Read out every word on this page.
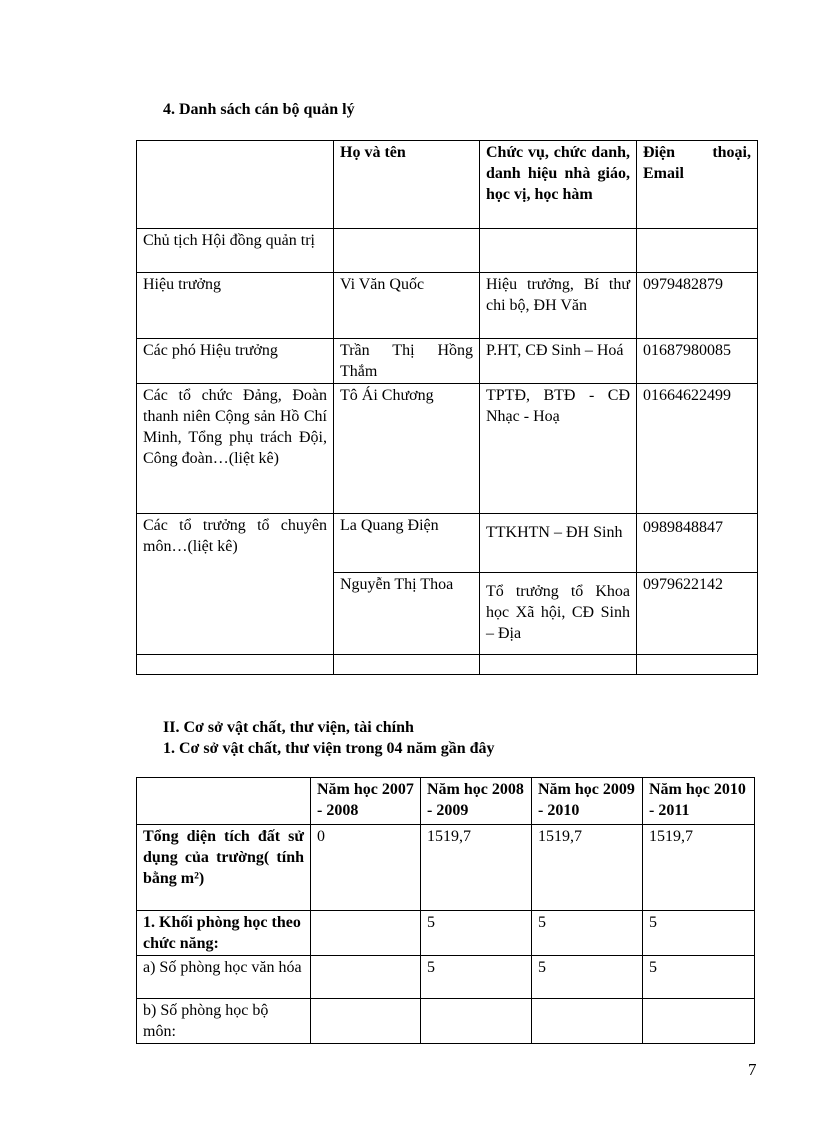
4. Danh sách cán bộ quản lý
	Họ và tên	Chức vụ, chức danh, danh hiệu nhà giáo, học vị, học hàm	Điện thoại, Email
Chủ tịch Hội đồng quản trị			
Hiệu trưởng	Vi Văn Quốc	Hiệu trưởng, Bí thư chi bộ, ĐH Văn	0979482879
Các phó Hiệu trưởng	Trần Thị Hồng Thắm	P.HT, CĐ Sinh – Hoá	01687980085
Các tổ chức Đảng, Đoàn thanh niên Cộng sản Hồ Chí Minh, Tổng phụ trách Đội, Công đoàn…(liệt kê)	Tô Ái Chương	TPTĐ, BTĐ - CĐ Nhạc - Hoạ	01664622499
Các tổ trưởng tổ chuyên môn…(liệt kê)	La Quang Điện	TTKHTN – ĐH Sinh	0989848847
	Nguyễn Thị Thoa	Tổ trưởng tổ Khoa học Xã hội, CĐ Sinh – Địa	0979622142

II. Cơ sở vật chất, thư viện, tài chính
1. Cơ sở vật chất, thư viện trong 04 năm gần đây
	Năm học 2007 - 2008	Năm học 2008 - 2009	Năm học 2009 - 2010	Năm học 2010 - 2011
Tổng diện tích đất sử dụng của trường( tính bằng m²)	0	1519,7	1519,7	1519,7
1. Khối phòng học theo chức năng:		5	5	5
a) Số phòng học văn hóa		5	5	5
b) Số phòng học bộ môn:				
7
